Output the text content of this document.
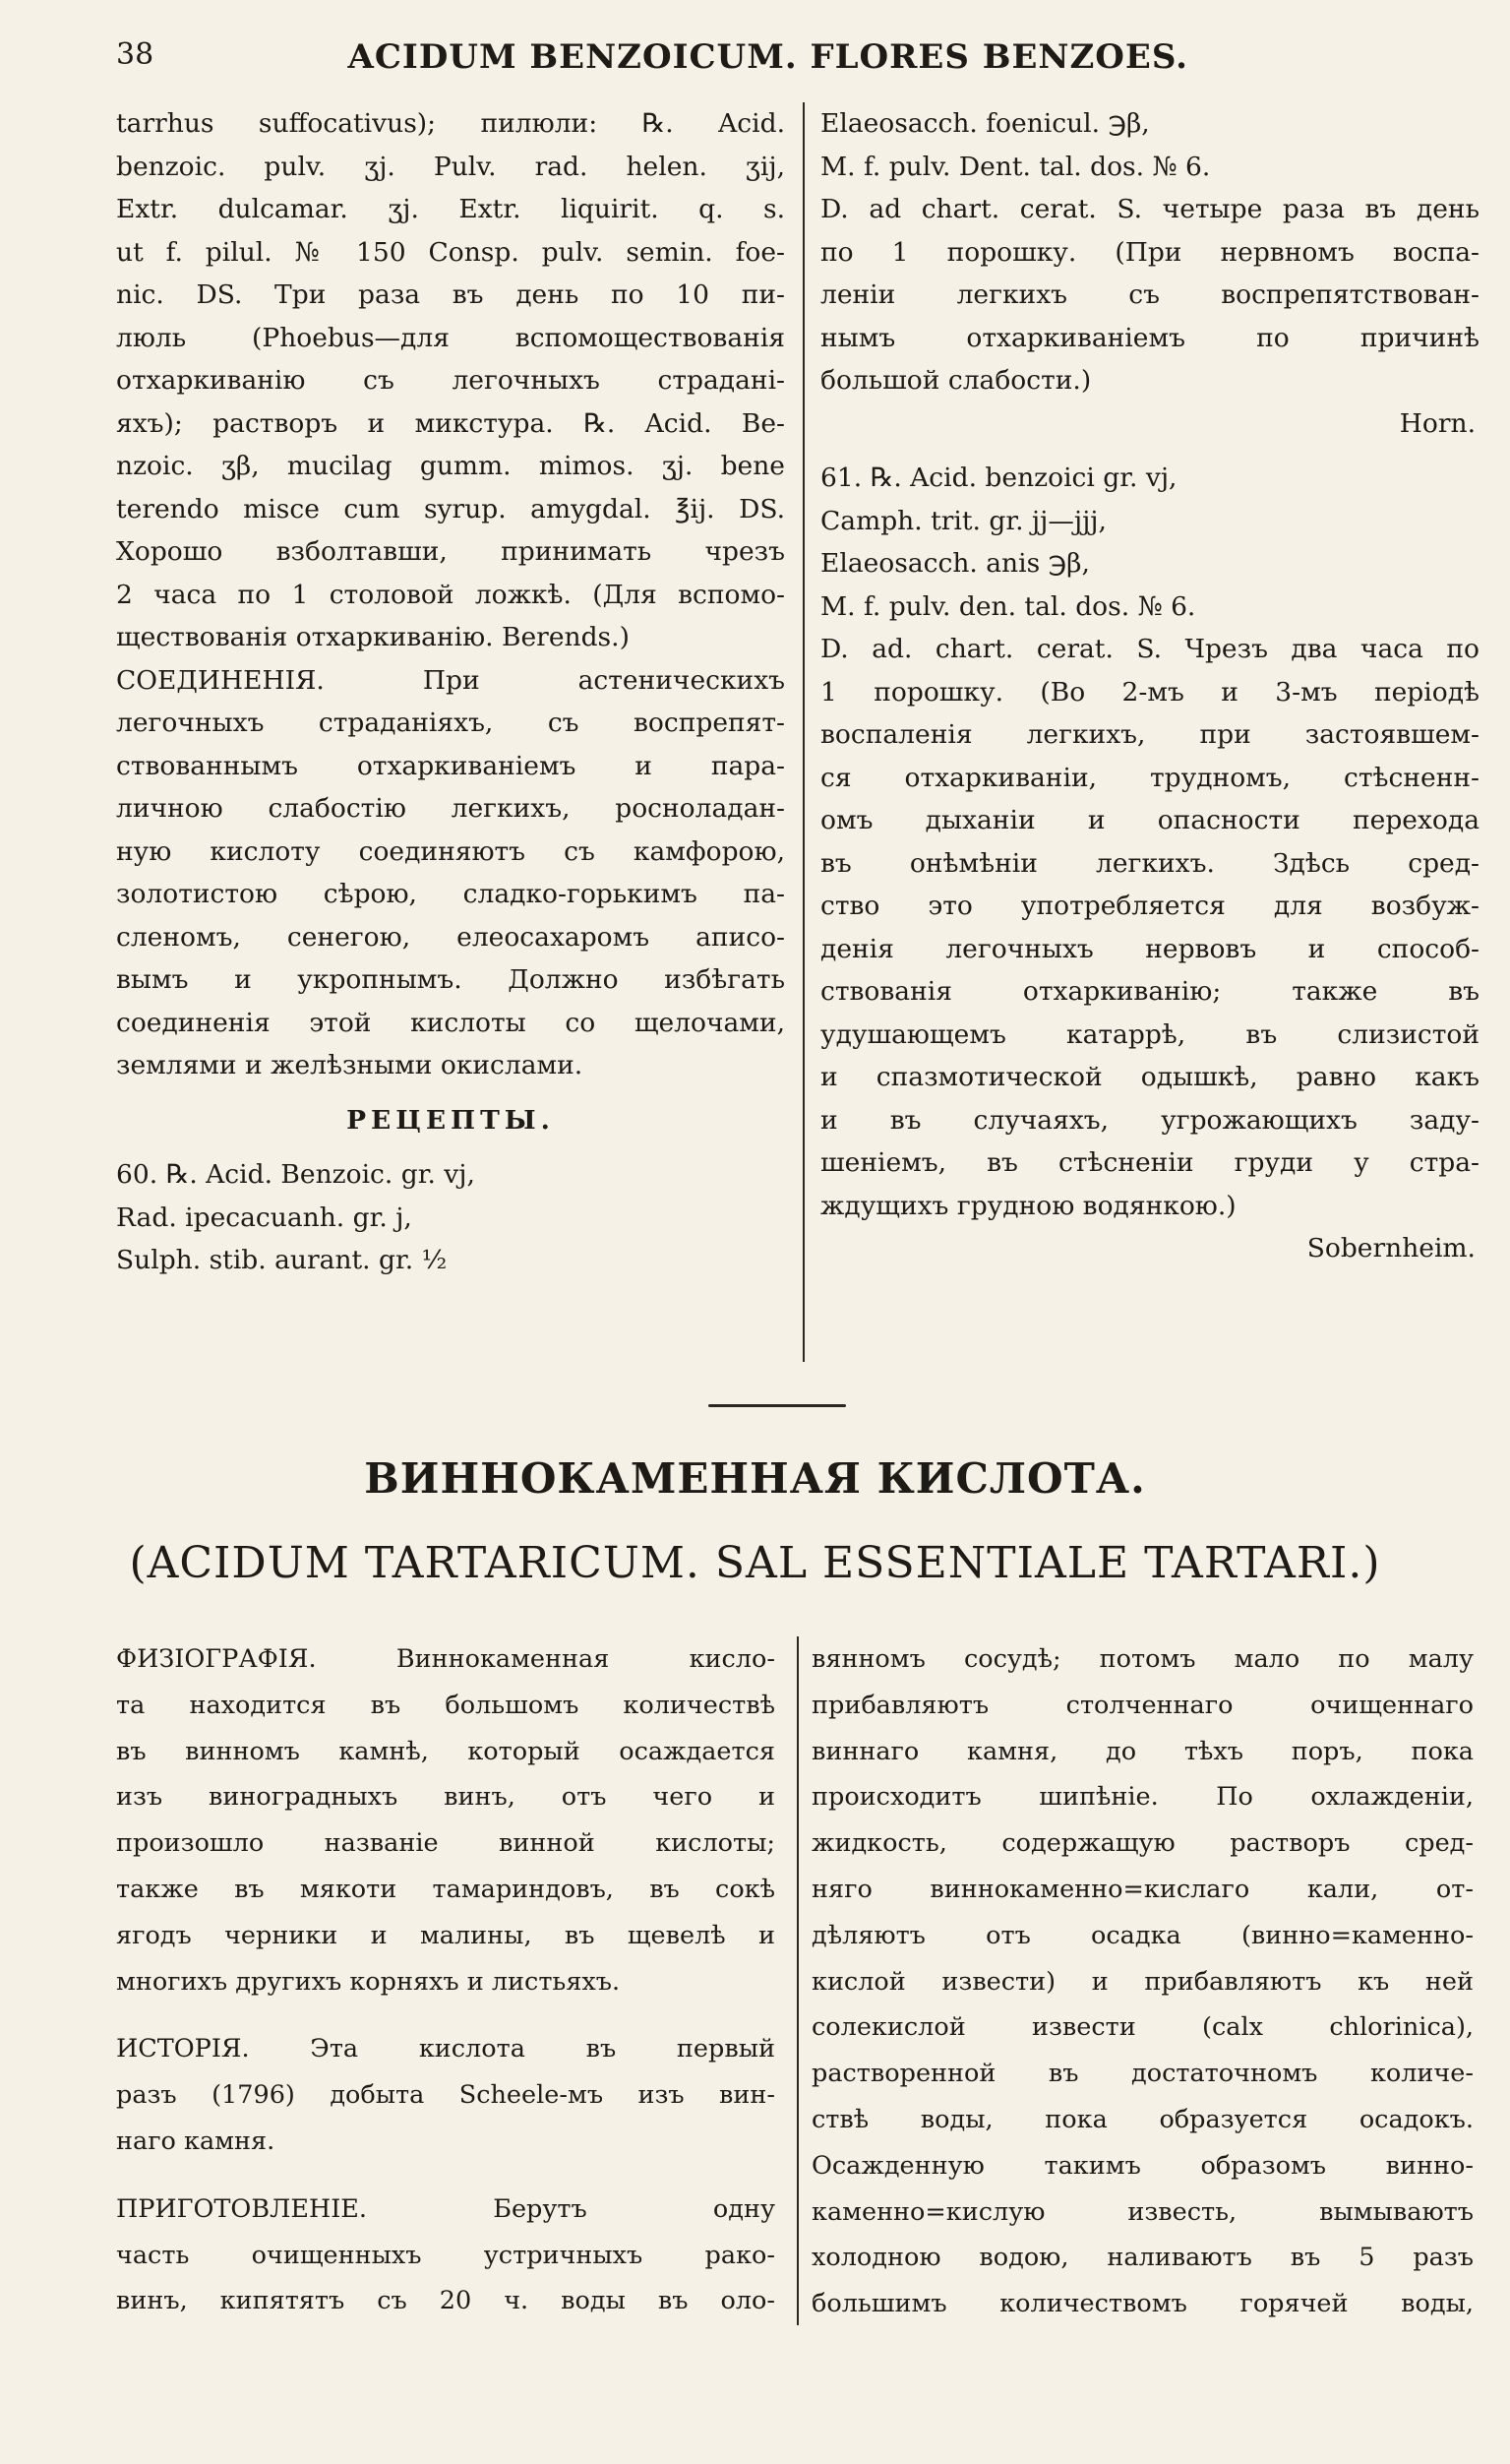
38	ACIDUM BENZOICUM. FLORES BENZOES.
tarrhus suffocativus); пилюли: ℞. Acid.
benzoic. pulv. ʒj. Pulv. rad. helen. ʒij,
Extr. dulcamar. ʒj. Extr. liquirit. q. s.
ut f. pilul. № 150 Consp. pulv. semin. foe-
nic. DS. Три раза въ день по 10 пи-
люль (Phoebus—для вспомоществованія
отхаркиванію съ легочныхъ страдані-
яхъ); растворъ и микстура. ℞. Acid. Be-
nzoic. ʒβ, mucilag gumm. mimos. ʒj. bene
terendo misce cum syrup. amygdal. ℥ij. DS.
Хорошо взболтавши, принимать чрезъ
2 часа по 1 столовой ложкѣ. (Для вспомо-
ществованія отхаркиванію. Berends.)
СОЕДИНЕНІЯ. При астеническихъ
легочныхъ страданіяхъ, съ воспрепят-
ствованнымъ отхаркиваніемъ и пара-
личною слабостію легкихъ, росноладан-
ную кислоту соединяютъ съ камфорою,
золотистою сѣрою, сладко-горькимъ па-
сленомъ, сенегою, елеосахаромъ аписо-
вымъ и укропнымъ. Должно избѣгать
соединенія этой кислоты со щелочами,
землями и желѣзными окислами.
РЕЦЕПТЫ.
60. ℞. Acid. Benzoic. gr. vj,
Rad. ipecacuanh. gr. j,
Sulph. stib. aurant. gr. ½
Elaeosacch. foenicul. ℈β,
M. f. pulv. Dent. tal. dos. № 6.
D. ad chart. cerat. S. четыре раза въ день
по 1 порошку. (При нервномъ воспа-
леніи легкихъ съ воспрепятствован-
нымъ отхаркиваніемъ по причинѣ
большой слабости.)
Horn.
61. ℞. Acid. benzoici gr. vj,
Camph. trit. gr. jj—jjj,
Elaeosacch. anis ℈β,
M. f. pulv. den. tal. dos. № 6.
D. ad. chart. cerat. S. Чрезъ два часа по
1 порошку. (Во 2-мъ и 3-мъ періодѣ
воспаленія легкихъ, при застоявшем-
ся отхаркиваніи, трудномъ, стѣсненн-
омъ дыханіи и опасности перехода
въ онѣмѣніи легкихъ. Здѣсь сред-
ство это употребляется для возбуж-
денія легочныхъ нервовъ и способ-
ствованія отхаркиванію; также въ
удушающемъ катаррѣ, въ слизистой
и спазмотической одышкѣ, равно какъ
и въ случаяхъ, угрожающихъ заду-
шеніемъ, въ стѣсненіи груди у стра-
ждущихъ грудною водянкою.)
Sobernheim.
ВИННОКАМЕННАЯ КИСЛОТА.
(ACIDUM TARTARICUM. SAL ESSENTIALE TARTARI.)
ФИЗІОГРАФІЯ. Виннокаменная кисло-
та находится въ большомъ количествѣ
въ винномъ камнѣ, который осаждается
изъ виноградныхъ винъ, отъ чего и
произошло названіе винной кислоты;
также въ мякоти тамариндовъ, въ сокѣ
ягодъ черники и малины, въ щевелѣ и
многихъ другихъ корняхъ и листьяхъ.
ИСТОРІЯ. Эта кислота въ первый
разъ (1796) добыта Scheele-мъ изъ вин-
наго камня.
ПРИГОТОВЛЕНІЕ. Берутъ одну
часть очищенныхъ устричныхъ рако-
винъ, кипятятъ съ 20 ч. воды въ оло-
вянномъ сосудѣ; потомъ мало по малу
прибавляютъ столченнаго очищеннаго
виннаго камня, до тѣхъ поръ, пока
происходитъ шипѣніе. По охлажденіи,
жидкость, содержащую растворъ сред-
няго виннокаменно=кислаго кали, от-
дѣляютъ отъ осадка (винно=каменно-
кислой извести) и прибавляютъ къ ней
солекислой извести (calx chlorinica),
растворенной въ достаточномъ количе-
ствѣ воды, пока образуется осадокъ.
Осажденную такимъ образомъ винно-
каменно=кислую известь, вымываютъ
холодною водою, наливаютъ въ 5 разъ
большимъ количествомъ горячей воды,
